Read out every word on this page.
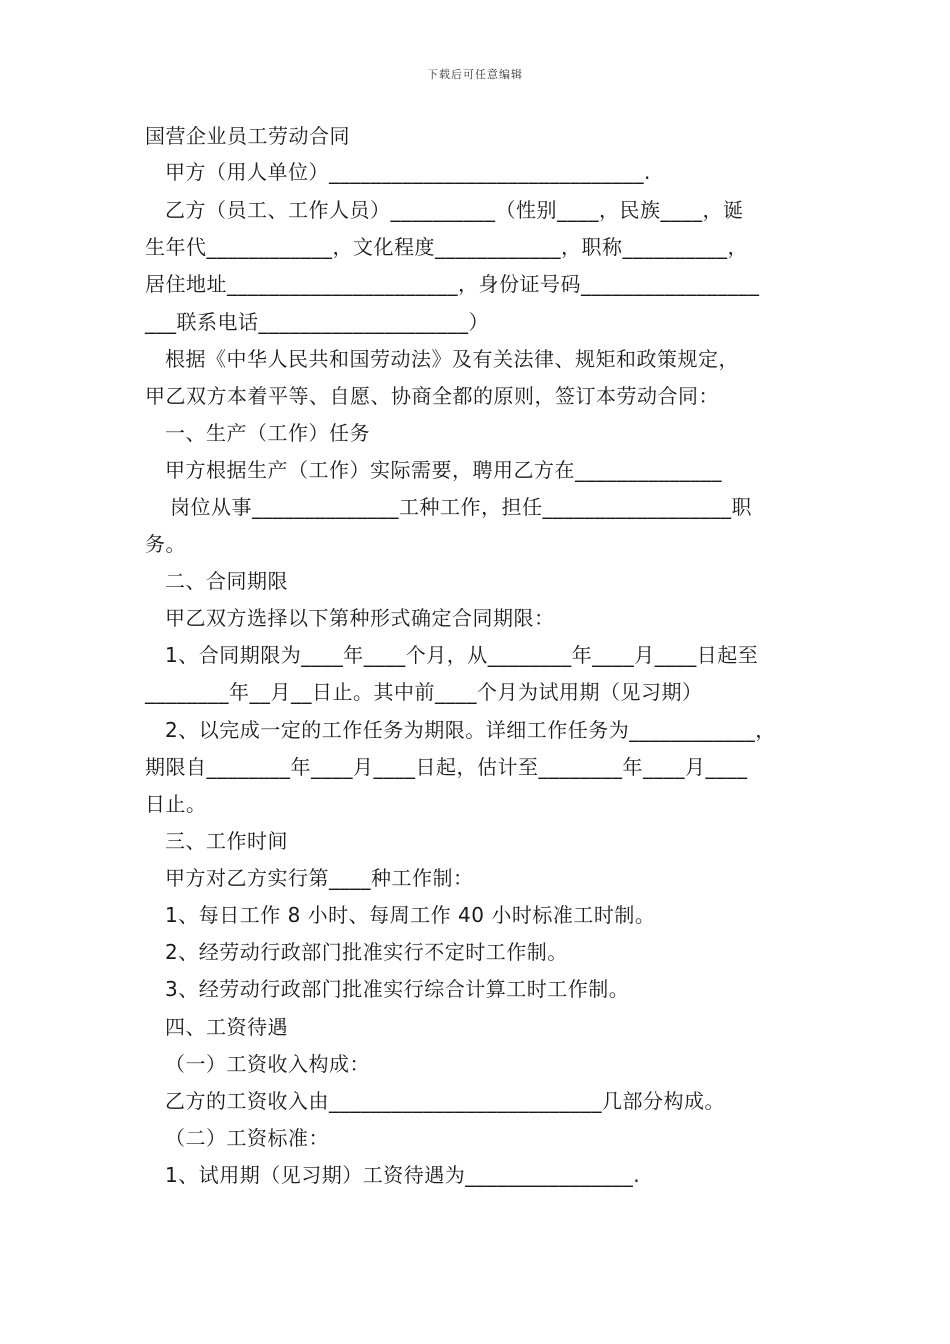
下载后可任意编辑
国营企业员工劳动合同
甲方（用人单位）______________________________.
乙方（员工、工作人员）__________（性别____，民族____，诞
生年代____________，文化程度____________，职称__________，
居住地址______________________，身份证号码_________________
___联系电话____________________）
根据《中华人民共和国劳动法》及有关法律、规矩和政策规定，
甲乙双方本着平等、自愿、协商全都的原则，签订本劳动合同：
一、生产（工作）任务
甲方根据生产（工作）实际需要，聘用乙方在______________
岗位从事______________工种工作，担任__________________职
务。
二、合同期限
甲乙双方选择以下第种形式确定合同期限：
1、合同期限为____年____个月，从________年____月____日起至
________年__月__日止。其中前____个月为试用期（见习期）
2、以完成一定的工作任务为期限。详细工作任务为____________，
期限自________年____月____日起，估计至________年____月____
日止。
三、工作时间
甲方对乙方实行第____种工作制：
1、每日工作 8 小时、每周工作 40 小时标准工时制。
2、经劳动行政部门批准实行不定时工作制。
3、经劳动行政部门批准实行综合计算工时工作制。
四、工资待遇
（一）工资收入构成：
乙方的工资收入由__________________________几部分构成。
（二）工资标准：
1、试用期（见习期）工资待遇为________________.
